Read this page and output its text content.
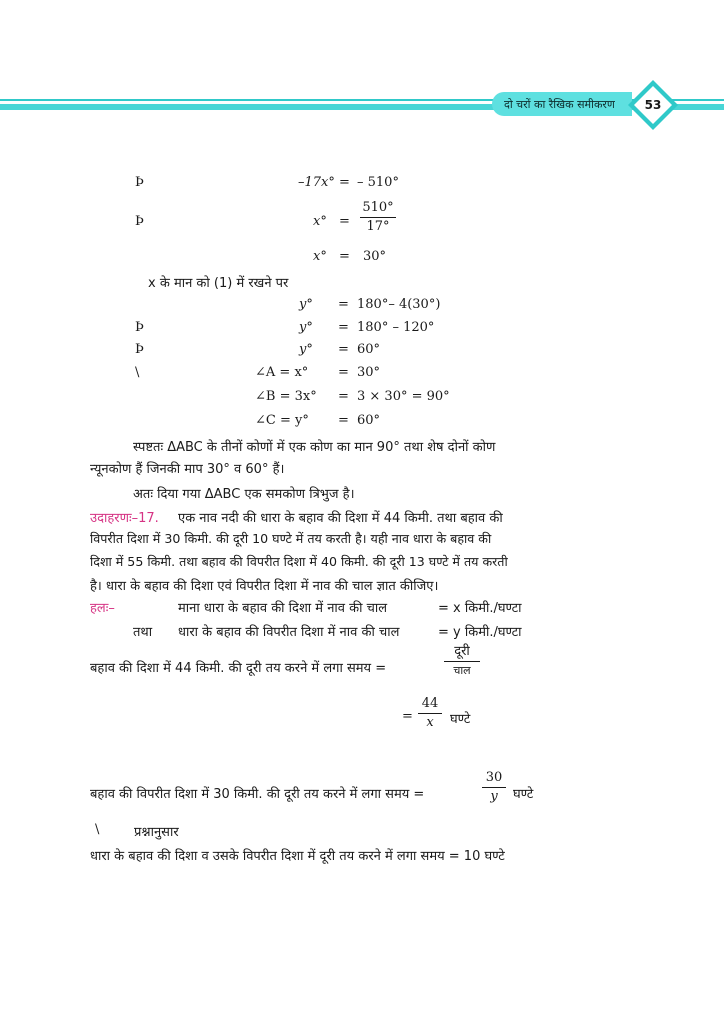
दो चरों का रैखिक समीकरण	53
Þ	–17x° = – 510°
Þ	x° =
510°
17°
x° = 30°
x के मान को (1) में रखने पर
y° = 180°– 4(30°)
Þ	y° = 180° – 120°
Þ	y° = 60°
\	∠A = x° = 30°
∠B = 3x° = 3 × 30° = 90°
∠C = y° = 60°
स्पष्टतः ΔABC के तीनों कोणों में एक कोण का मान 90° तथा शेष दोनों कोण
न्यूनकोण हैं जिनकी माप 30° व 60° हैं।
अतः दिया गया ΔABC एक समकोण त्रिभुज है।
उदाहरणः–17. एक नाव नदी की धारा के बहाव की दिशा में 44 किमी. तथा बहाव की
विपरीत दिशा में 30 किमी. की दूरी 10 घण्टे में तय करती है। यही नाव धारा के बहाव की
दिशा में 55 किमी. तथा बहाव की विपरीत दिशा में 40 किमी. की दूरी 13 घण्टे में तय करती
है। धारा के बहाव की दिशा एवं विपरीत दिशा में नाव की चाल ज्ञात कीजिए।
हलः–	माना धारा के बहाव की दिशा में नाव की चाल	= x किमी./घण्टा
तथा धारा के बहाव की विपरीत दिशा में नाव की चाल	= y किमी./घण्टा
बहाव की दिशा में 44 किमी. की दूरी तय करने में लगा समय =
दूरी
चाल
=
44
x	घण्टे
बहाव की विपरीत दिशा में 30 किमी. की दूरी तय करने में लगा समय =
30
y	घण्टे
\	प्रश्नानुसार
धारा के बहाव की दिशा व उसके विपरीत दिशा में दूरी तय करने में लगा समय = 10 घण्टे
